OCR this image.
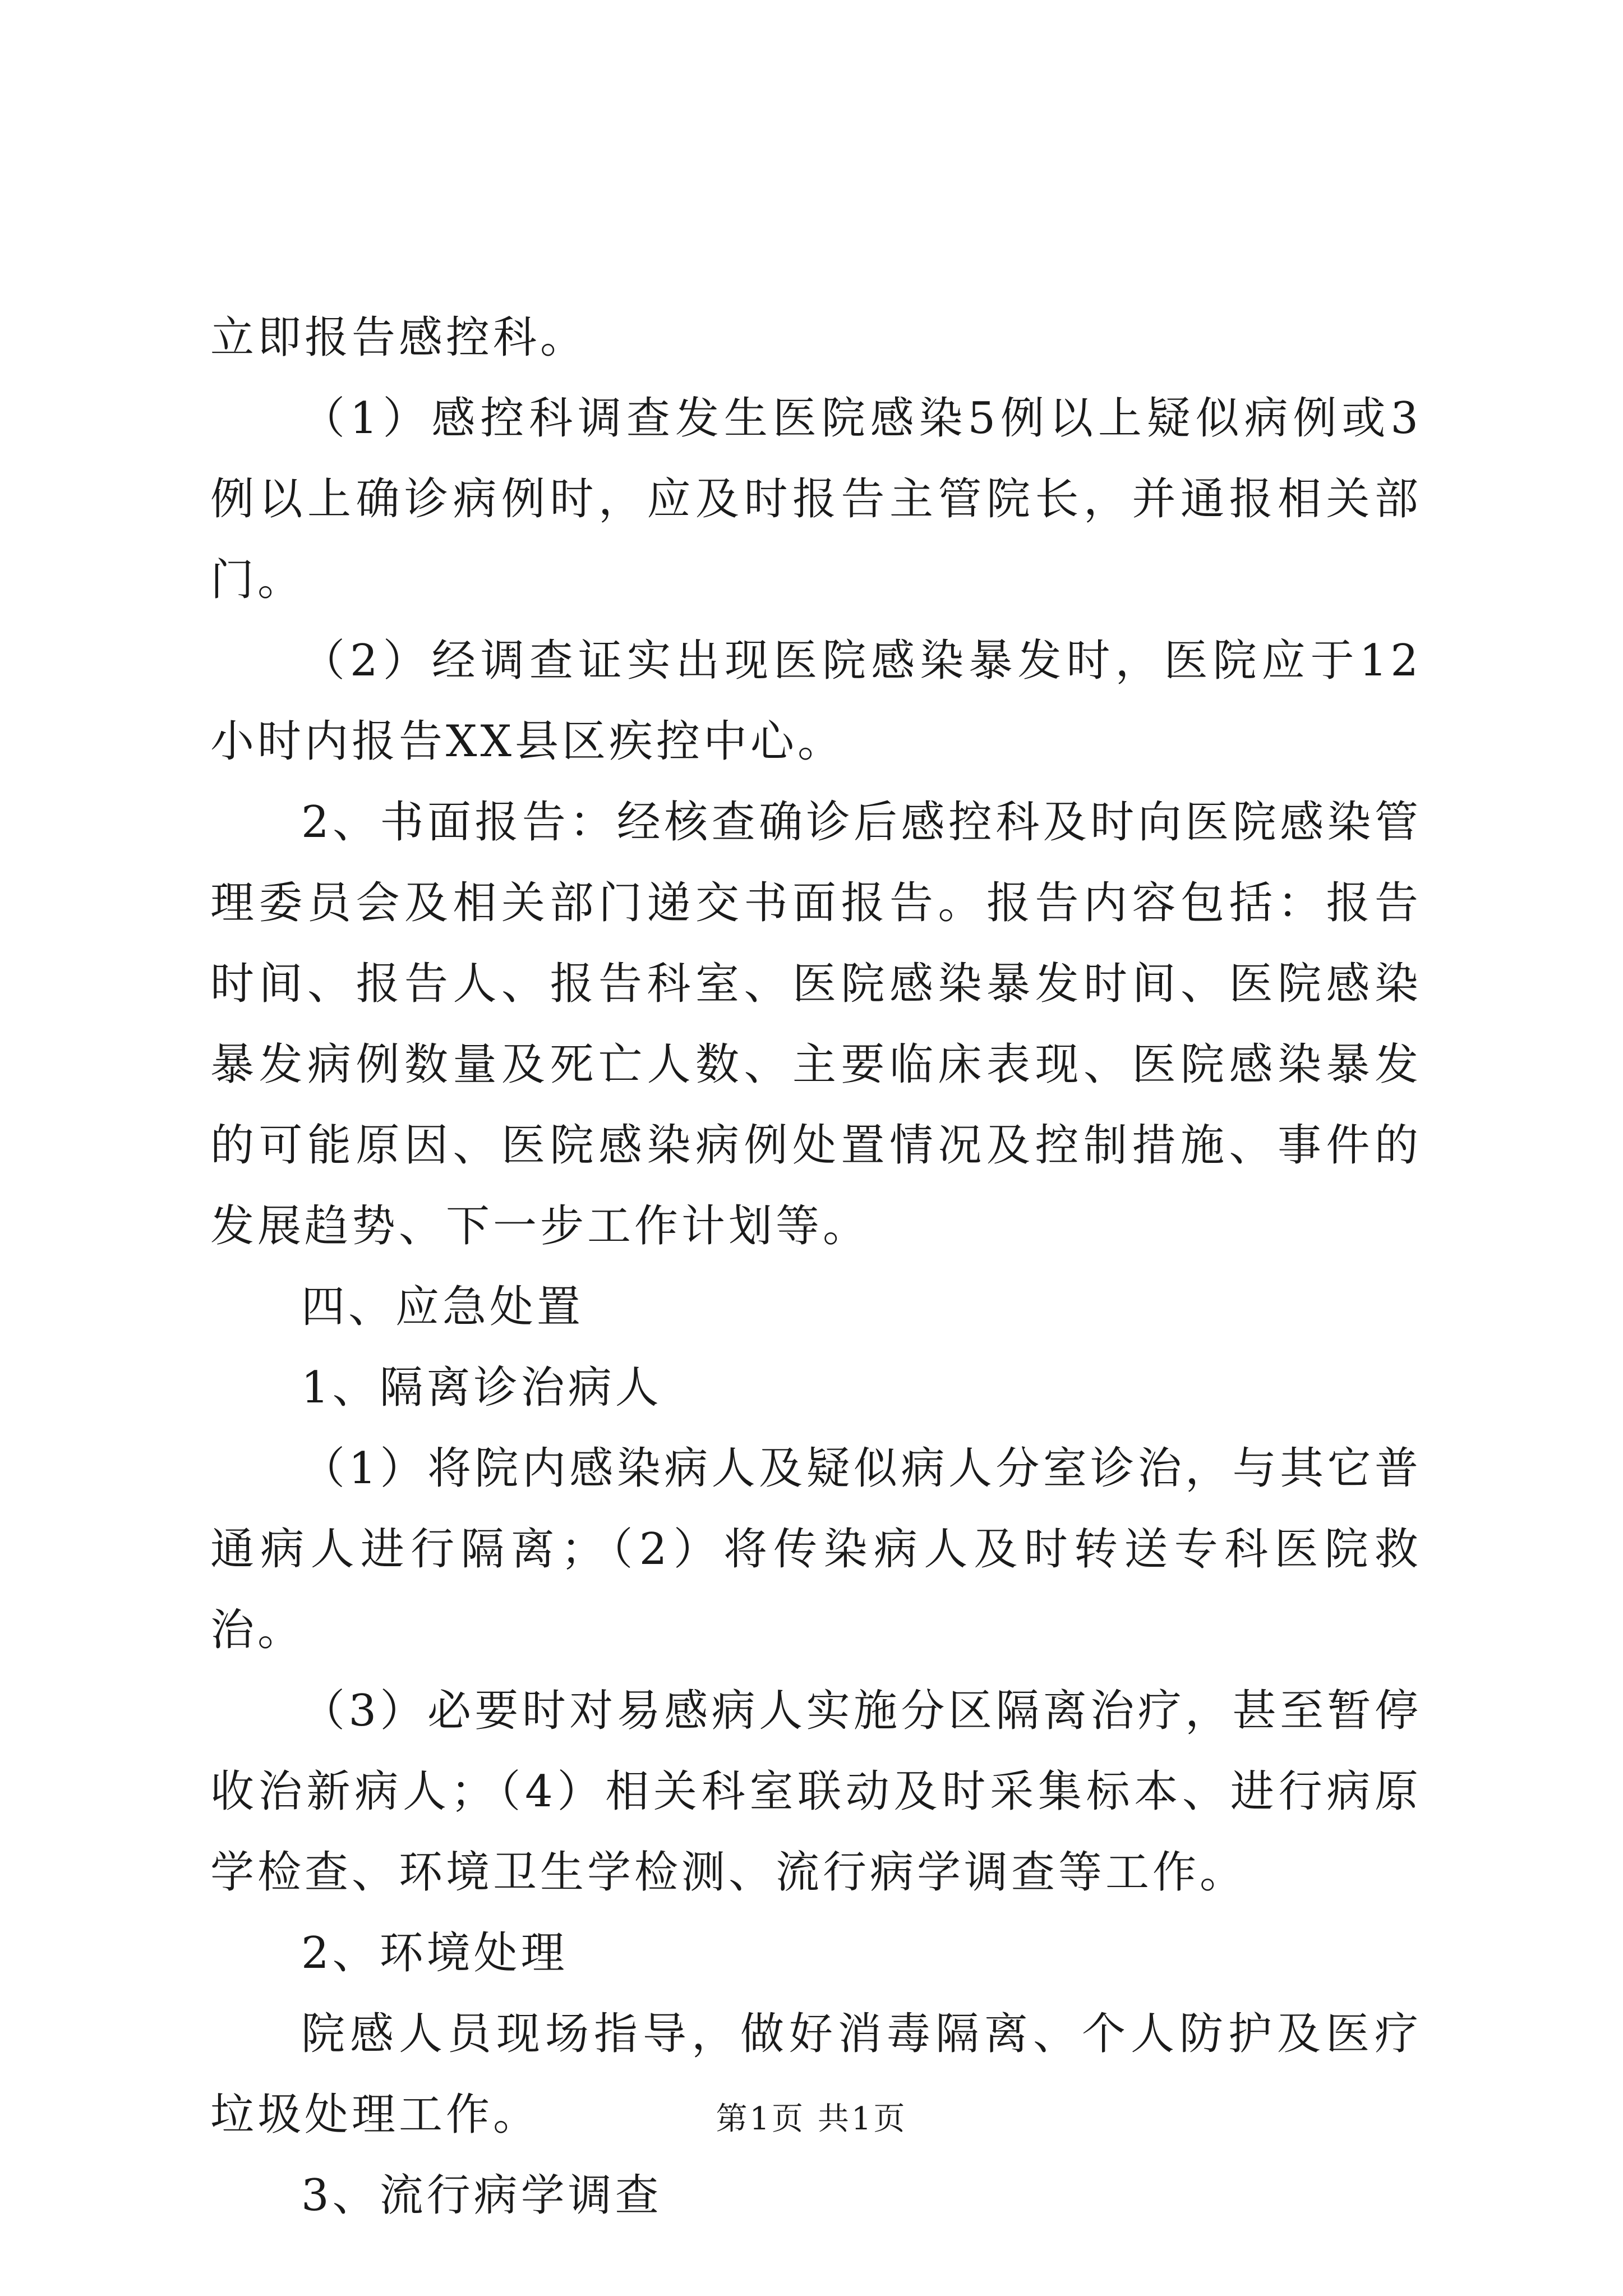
立即报告感控科。

（1）感控科调查发生医院感染5例以上疑似病例或3例以上确诊病例时，应及时报告主管院长，并通报相关部门。

（2）经调查证实出现医院感染暴发时，医院应于12小时内报告XX县区疾控中心。

2、书面报告：经核查确诊后感控科及时向医院感染管理委员会及相关部门递交书面报告。报告内容包括：报告时间、报告人、报告科室、医院感染暴发时间、医院感染暴发病例数量及死亡人数、主要临床表现、医院感染暴发的可能原因、医院感染病例处置情况及控制措施、事件的发展趋势、下一步工作计划等。

四、应急处置

1、隔离诊治病人

（1）将院内感染病人及疑似病人分室诊治，与其它普通病人进行隔离；（2）将传染病人及时转送专科医院救治。

（3）必要时对易感病人实施分区隔离治疗，甚至暂停收治新病人；（4）相关科室联动及时采集标本、进行病原学检查、环境卫生学检测、流行病学调查等工作。

2、环境处理

院感人员现场指导，做好消毒隔离、个人防护及医疗垃圾处理工作。

3、流行病学调查

第1页 共1页
